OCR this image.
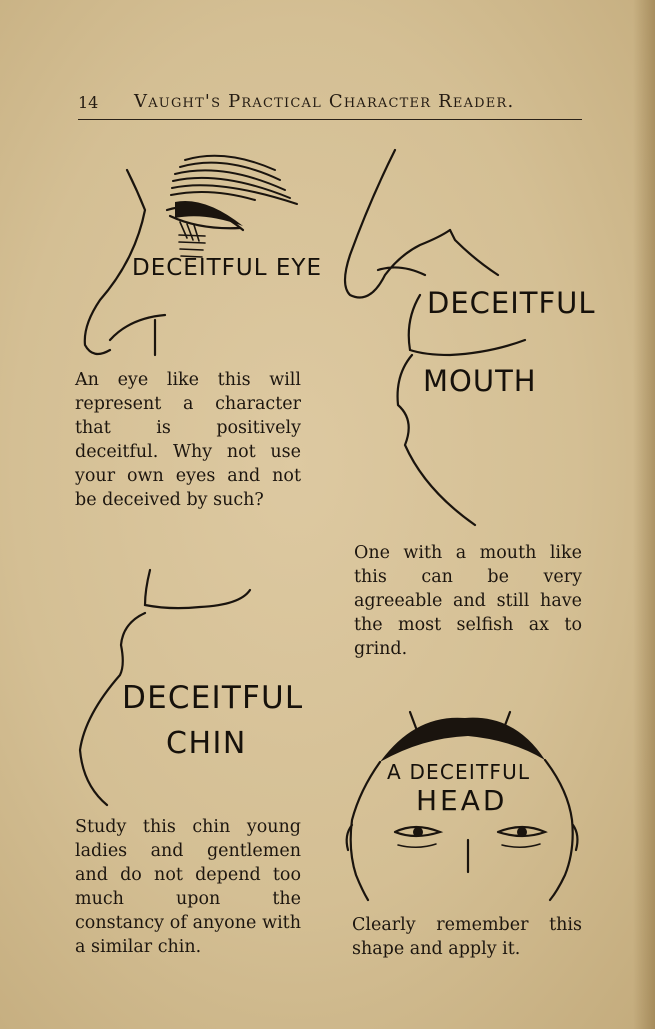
14 Vaught's Practical Character Reader.
DECEITFUL EYE
An eye like this will represent a character that is positively deceitful. Why not use your own eyes and not be deceived by such?
DECEITFUL
MOUTH
One with a mouth like this can be very agreeable and still have the most selfish ax to grind.
DECEITFUL
CHIN
Study this chin young ladies and gentlemen and do not depend too much upon the constancy of anyone with a similar chin.
A DECEITFUL
HEAD
Clearly remember this shape and apply it.
